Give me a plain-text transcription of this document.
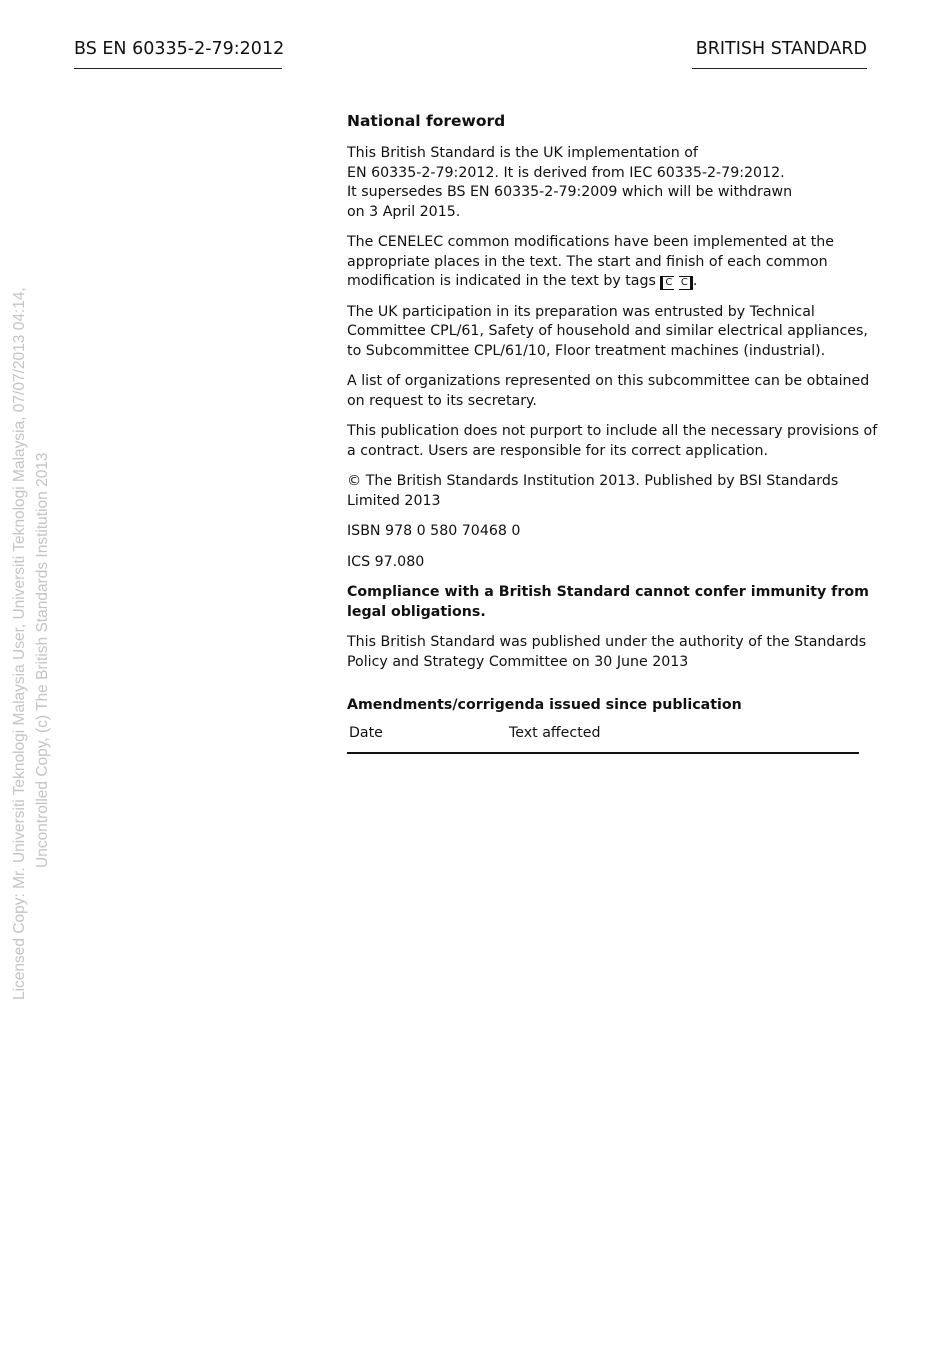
BS EN 60335-2-79:2012	BRITISH STANDARD
Licensed Copy: Mr. Universiti Teknologi Malaysia User, Universiti Teknologi Malaysia, 07/07/2013 04:14, Uncontrolled Copy, (c) The British Standards Institution 2013
National foreword

This British Standard is the UK implementation of
EN 60335-2-79:2012. It is derived from IEC 60335-2-79:2012.
It supersedes BS EN 60335-2-79:2009 which will be withdrawn
on 3 April 2015.

The CENELEC common modifications have been implemented at the
appropriate places in the text. The start and finish of each common
modification is indicated in the text by tags C C .

The UK participation in its preparation was entrusted by Technical
Committee CPL/61, Safety of household and similar electrical appliances,
to Subcommittee CPL/61/10, Floor treatment machines (industrial).

A list of organizations represented on this subcommittee can be obtained
on request to its secretary.

This publication does not purport to include all the necessary provisions of
a contract. Users are responsible for its correct application.

© The British Standards Institution 2013. Published by BSI Standards
Limited 2013

ISBN 978 0 580 70468 0

ICS 97.080

Compliance with a British Standard cannot confer immunity from
legal obligations.

This British Standard was published under the authority of the Standards
Policy and Strategy Committee on 30 June 2013

Amendments/corrigenda issued since publication
Date	Text affected
